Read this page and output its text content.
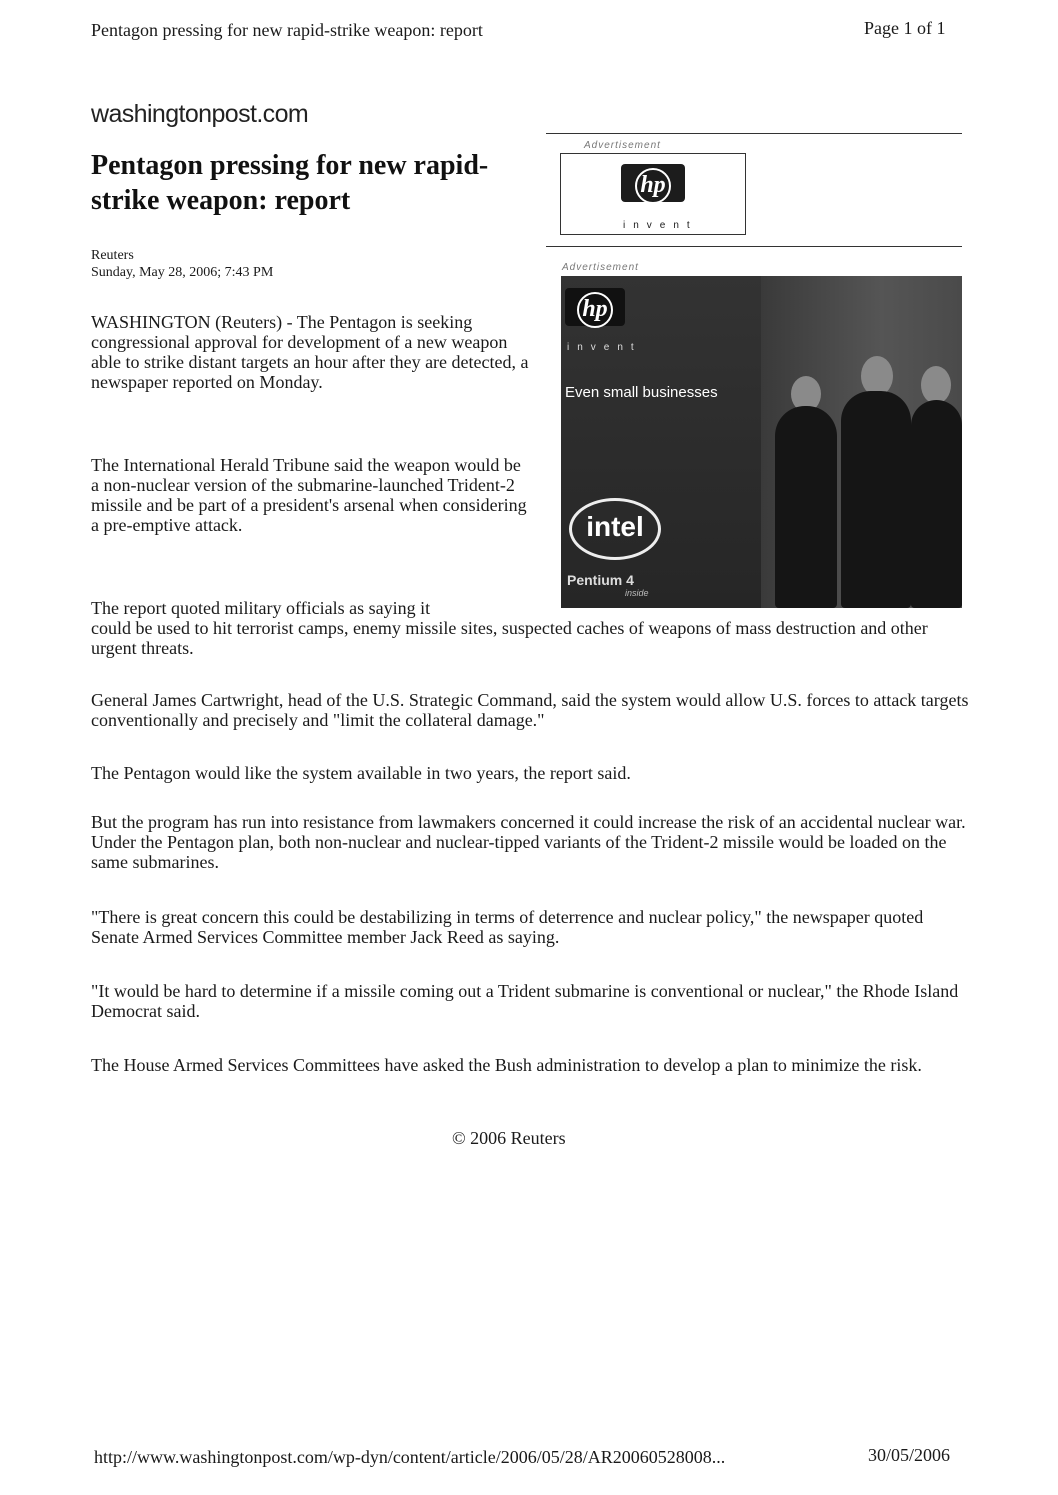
Pentagon pressing for new rapid-strike weapon: report	Page 1 of 1
washingtonpost.com
Pentagon pressing for new rapid-strike weapon: report
Reuters
Sunday, May 28, 2006; 7:43 PM
Advertisement
hp
invent
Advertisement
hp
invent
Even small businesses
intel
Pentium 4
inside
WASHINGTON (Reuters) - The Pentagon is seeking congressional approval for development of a new weapon able to strike distant targets an hour after they are detected, a newspaper reported on Monday.
The International Herald Tribune said the weapon would be a non-nuclear version of the submarine-launched Trident-2 missile and be part of a president's arsenal when considering a pre-emptive attack.
The report quoted military officials as saying it
could be used to hit terrorist camps, enemy missile sites, suspected caches of weapons of mass destruction and other urgent threats.
General James Cartwright, head of the U.S. Strategic Command, said the system would allow U.S. forces to attack targets conventionally and precisely and "limit the collateral damage."
The Pentagon would like the system available in two years, the report said.
But the program has run into resistance from lawmakers concerned it could increase the risk of an accidental nuclear war. Under the Pentagon plan, both non-nuclear and nuclear-tipped variants of the Trident-2 missile would be loaded on the same submarines.
"There is great concern this could be destabilizing in terms of deterrence and nuclear policy," the newspaper quoted Senate Armed Services Committee member Jack Reed as saying.
"It would be hard to determine if a missile coming out a Trident submarine is conventional or nuclear," the Rhode Island Democrat said.
The House Armed Services Committees have asked the Bush administration to develop a plan to minimize the risk.
© 2006 Reuters
http://www.washingtonpost.com/wp-dyn/content/article/2006/05/28/AR20060528008...	30/05/2006
